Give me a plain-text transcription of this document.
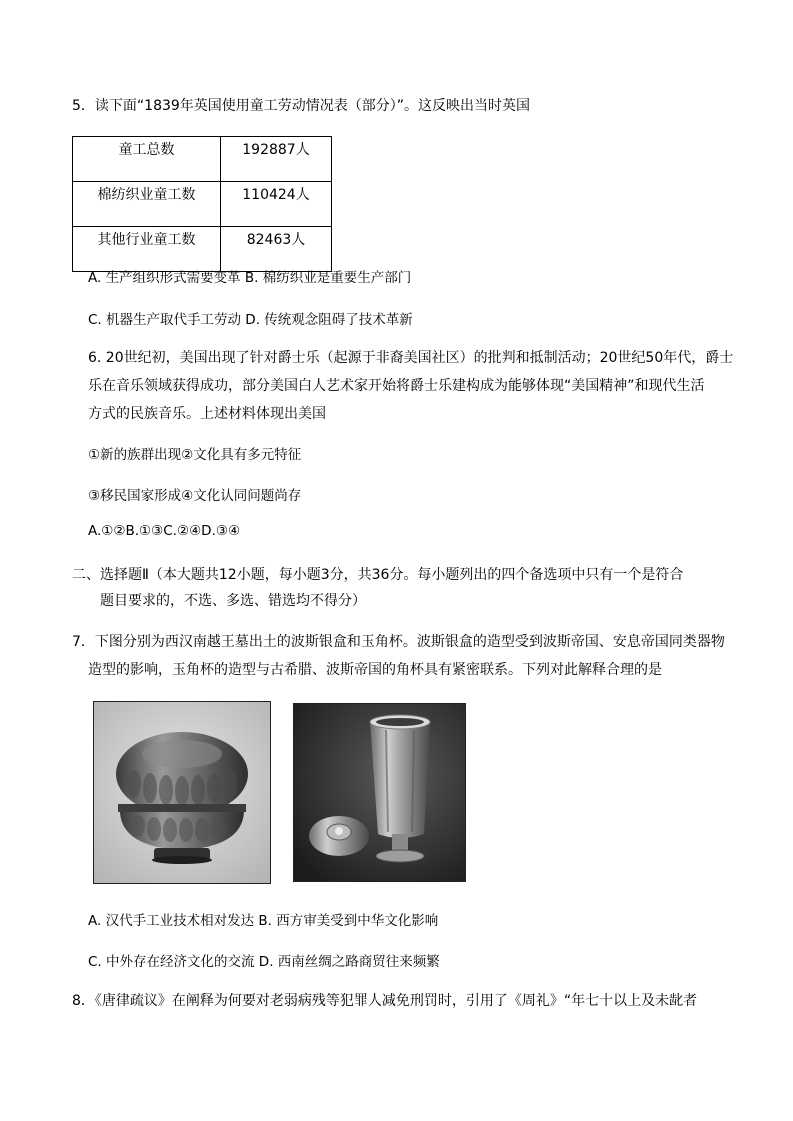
5．读下面“1839年英国使用童工劳动情况表（部分）”。这反映出当时英国
童工总数	192887人
棉纺织业童工数	110424人
其他行业童工数	82463人
A. 生产组织形式需要变革 B. 棉纺织业是重要生产部门
C. 机器生产取代手工劳动 D. 传统观念阻碍了技术革新
6. 20世纪初，美国出现了针对爵士乐（起源于非裔美国社区）的批判和抵制活动；20世纪50年代，爵士
乐在音乐领域获得成功，部分美国白人艺术家开始将爵士乐建构成为能够体现“美国精神”和现代生活
方式的民族音乐。上述材料体现出美国
①新的族群出现②文化具有多元特征
③移民国家形成④文化认同问题尚存
A.①②B.①③C.②④D.③④
二、选择题Ⅱ（本大题共12小题，每小题3分，共36分。每小题列出的四个备选项中只有一个是符合
题目要求的，不选、多选、错选均不得分）
7．下图分别为西汉南越王墓出土的波斯银盒和玉角杯。波斯银盒的造型受到波斯帝国、安息帝国同类器物
造型的影响，玉角杯的造型与古希腊、波斯帝国的角杯具有紧密联系。下列对此解释合理的是
A. 汉代手工业技术相对发达 B. 西方审美受到中华文化影响
C. 中外存在经济文化的交流 D. 西南丝绸之路商贸往来频繁
8．《唐律疏议》在阐释为何要对老弱病残等犯罪人减免刑罚时，引用了《周礼》“年七十以上及未龀者
